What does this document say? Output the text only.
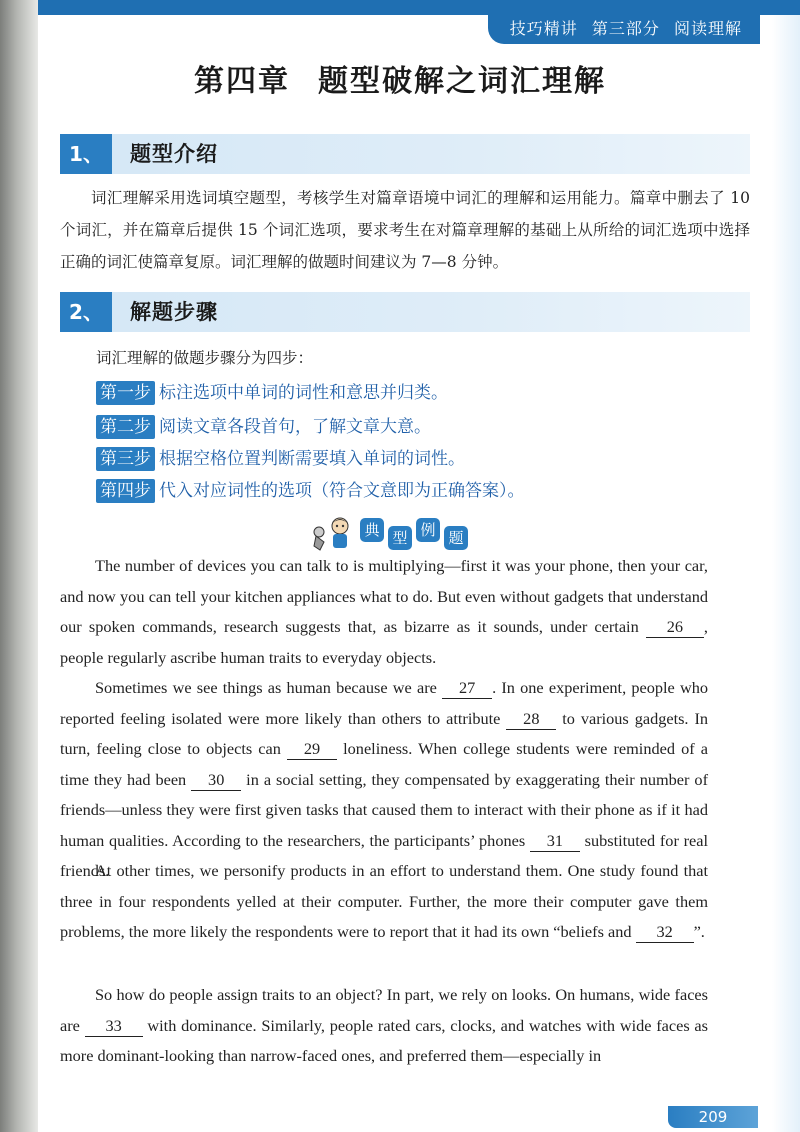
技巧精讲 第三部分 阅读理解
第四章 题型破解之词汇理解
1、	题型介绍
词汇理解采用选词填空题型，考核学生对篇章语境中词汇的理解和运用能力。篇章中删去了 10 个词汇，并在篇章后提供 15 个词汇选项，要求考生在对篇章理解的基础上从所给的词汇选项中选择正确的词汇使篇章复原。词汇理解的做题时间建议为 7—8 分钟。
2、	解题步骤
词汇理解的做题步骤分为四步：
第一步 标注选项中单词的词性和意思并归类。
第二步 阅读文章各段首句，了解文章大意。
第三步 根据空格位置判断需要填入单词的词性。
第四步 代入对应词性的选项（符合文意即为正确答案）。
典 型 例 题
The number of devices you can talk to is multiplying—first it was your phone, then your car, and now you can tell your kitchen appliances what to do. But even without gadgets that understand our spoken commands, research suggests that, as bizarre as it sounds, under certain 26 , people regularly ascribe human traits to everyday objects.
Sometimes we see things as human because we are 27 . In one experiment, people who reported feeling isolated were more likely than others to attribute 28 to various gadgets. In turn, feeling close to objects can 29 loneliness. When college students were reminded of a time they had been 30 in a social setting, they compensated by exaggerating their number of friends—unless they were first given tasks that caused them to interact with their phone as if it had human qualities. According to the researchers, the participants’ phones 31 substituted for real friends.
At other times, we personify products in an effort to understand them. One study found that three in four respondents yelled at their computer. Further, the more their computer gave them problems, the more likely the respondents were to report that it had its own “beliefs and 32 ”.
So how do people assign traits to an object? In part, we rely on looks. On humans, wide faces are 33 with dominance. Similarly, people rated cars, clocks, and watches with wide faces as more dominant-looking than narrow-faced ones, and preferred them—especially in
209
